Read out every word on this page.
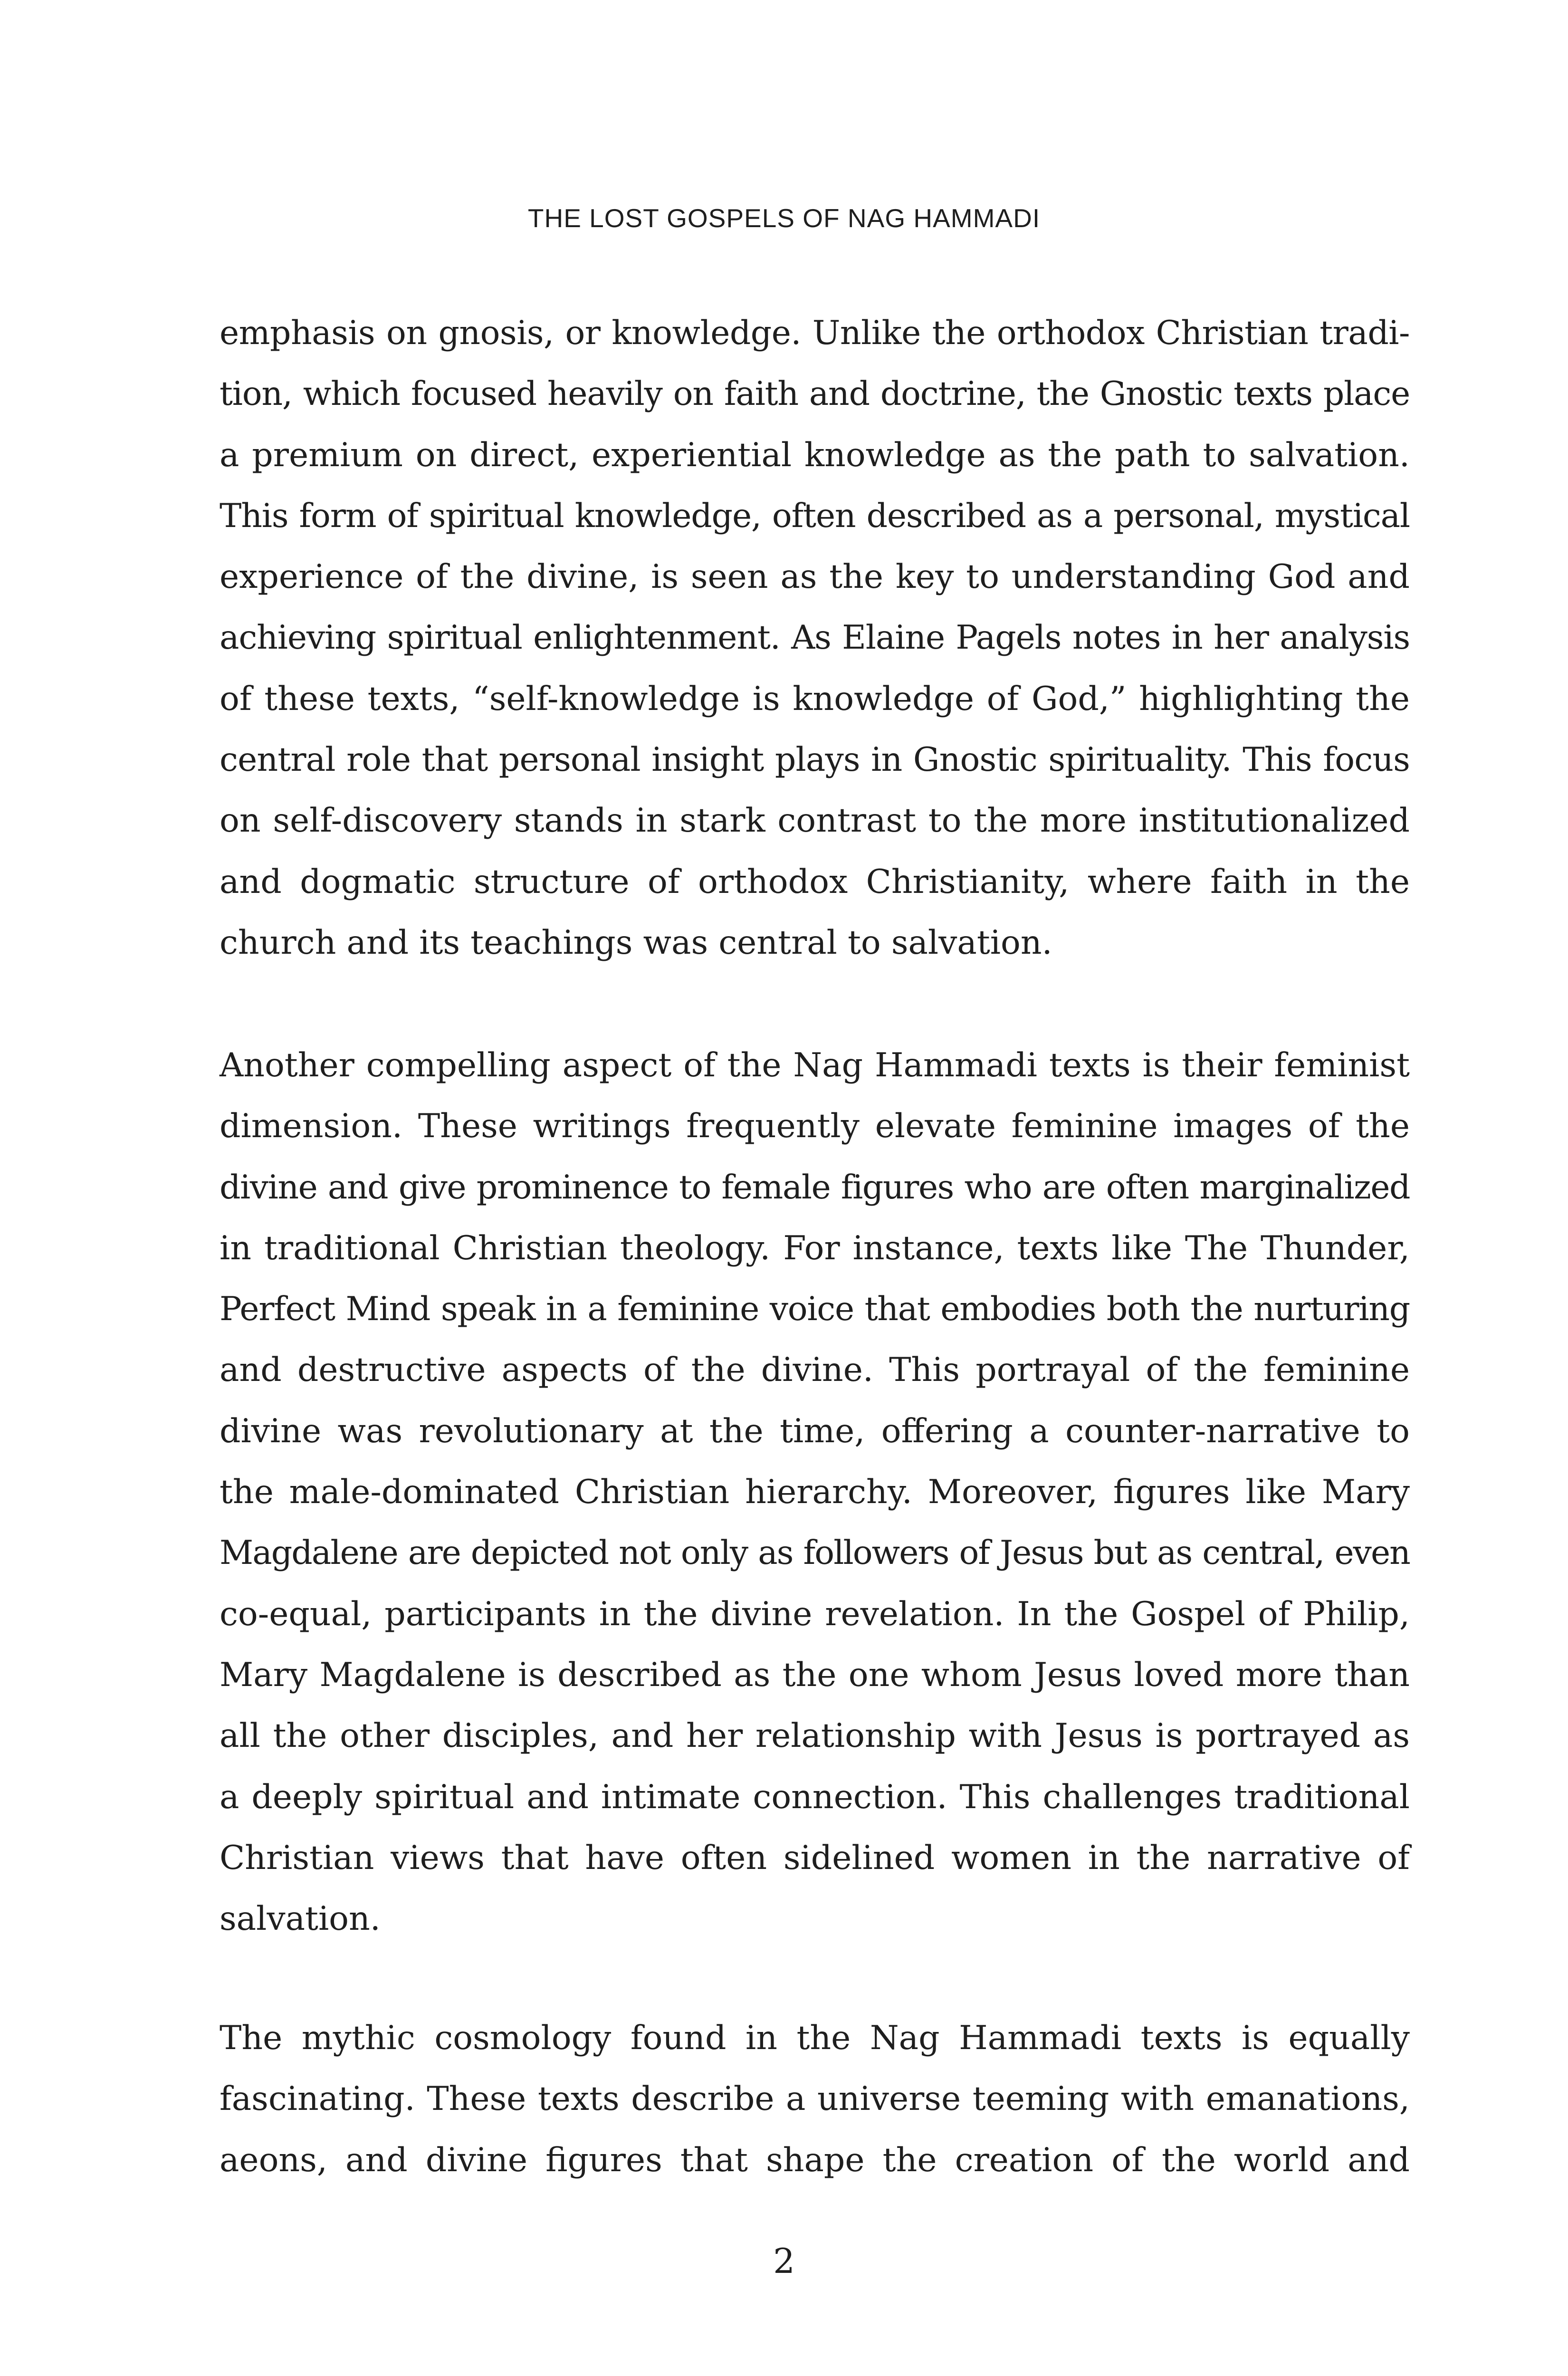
THE LOST GOSPELS OF NAG HAMMADI
emphasis on gnosis, or knowledge. Unlike the orthodox Christian tradi-
tion, which focused heavily on faith and doctrine, the Gnostic texts place
a premium on direct, experiential knowledge as the path to salvation.
This form of spiritual knowledge, often described as a personal, mystical
experience of the divine, is seen as the key to understanding God and
achieving spiritual enlightenment. As Elaine Pagels notes in her analysis
of these texts, “self-knowledge is knowledge of God,” highlighting the
central role that personal insight plays in Gnostic spirituality. This focus
on self-discovery stands in stark contrast to the more institutionalized
and dogmatic structure of orthodox Christianity, where faith in the
church and its teachings was central to salvation.
Another compelling aspect of the Nag Hammadi texts is their feminist
dimension. These writings frequently elevate feminine images of the
divine and give prominence to female figures who are often marginalized
in traditional Christian theology. For instance, texts like The Thunder,
Perfect Mind speak in a feminine voice that embodies both the nurturing
and destructive aspects of the divine. This portrayal of the feminine
divine was revolutionary at the time, offering a counter-narrative to
the male-dominated Christian hierarchy. Moreover, figures like Mary
Magdalene are depicted not only as followers of Jesus but as central, even
co-equal, participants in the divine revelation. In the Gospel of Philip,
Mary Magdalene is described as the one whom Jesus loved more than
all the other disciples, and her relationship with Jesus is portrayed as
a deeply spiritual and intimate connection. This challenges traditional
Christian views that have often sidelined women in the narrative of
salvation.
The mythic cosmology found in the Nag Hammadi texts is equally
fascinating. These texts describe a universe teeming with emanations,
aeons, and divine figures that shape the creation of the world and
2
